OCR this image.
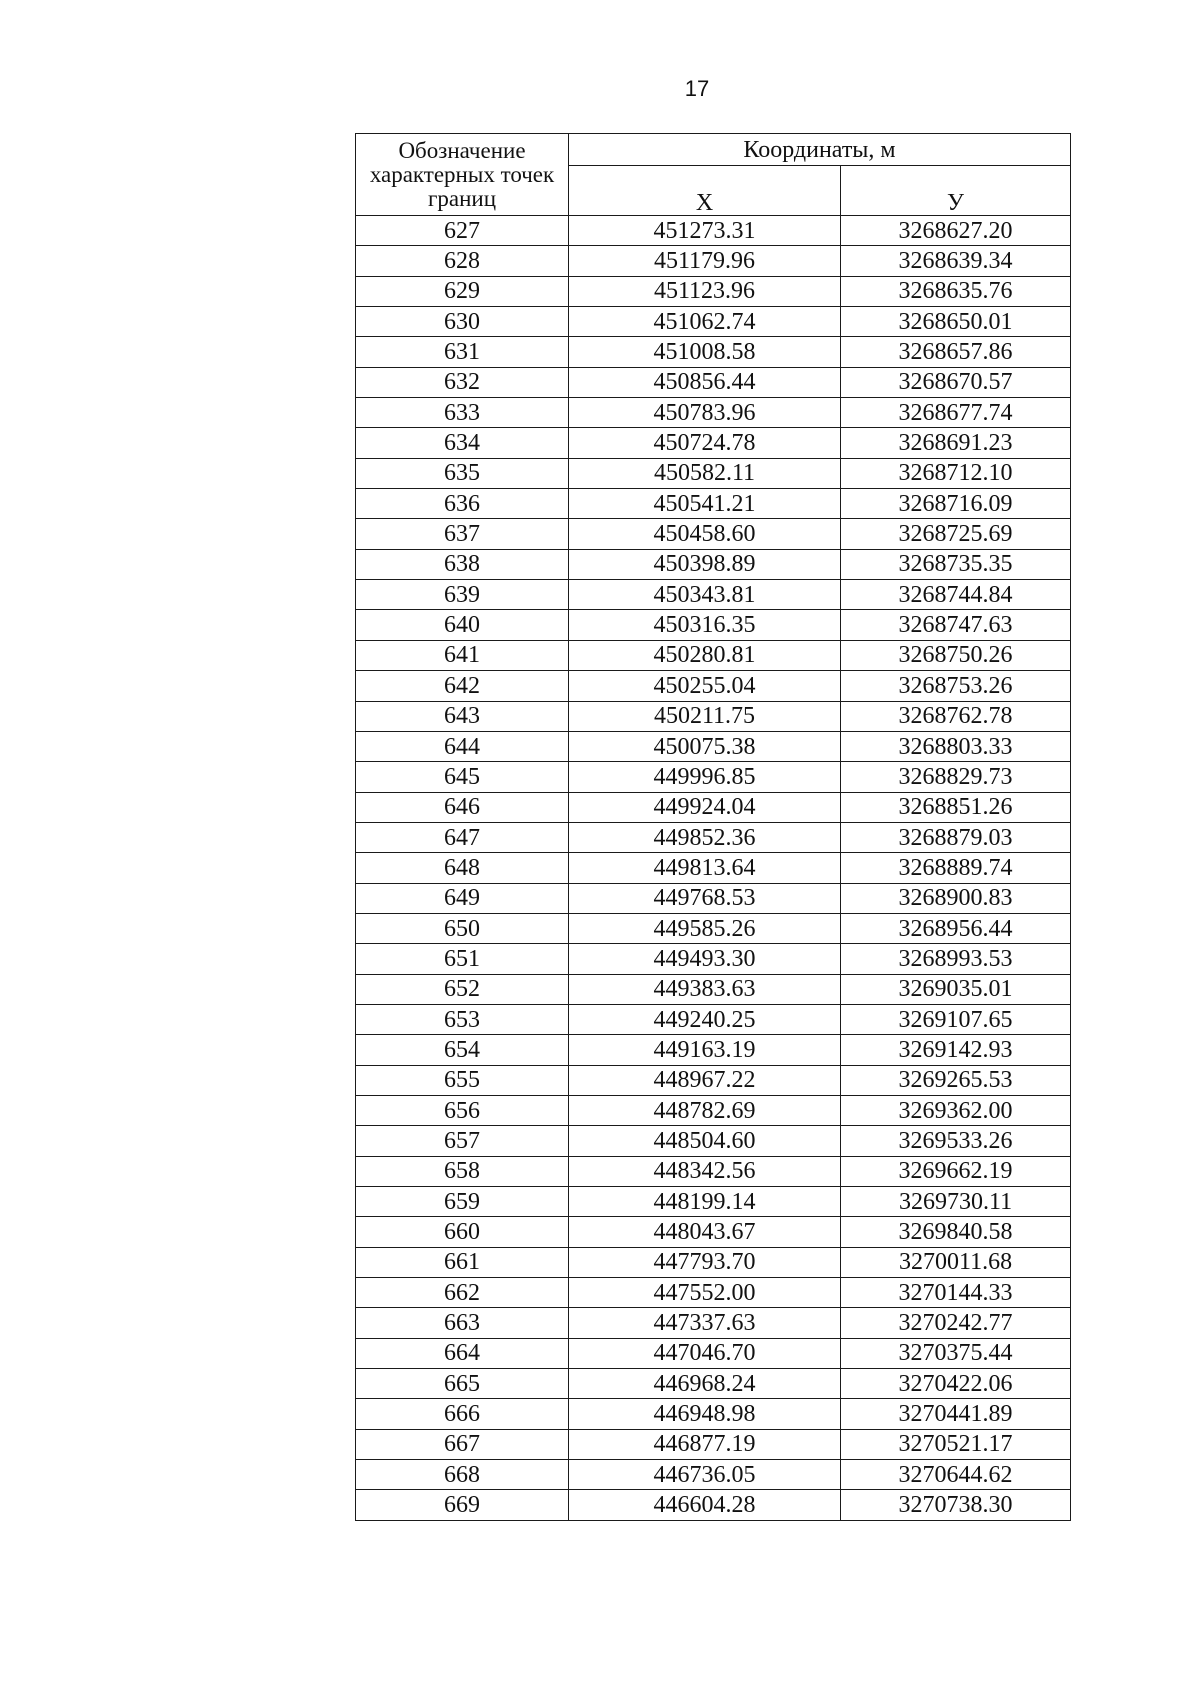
17
Обозначение характерных точек границ	Координаты, м	
	X	У
627	451273.31	3268627.20
628	451179.96	3268639.34
629	451123.96	3268635.76
630	451062.74	3268650.01
631	451008.58	3268657.86
632	450856.44	3268670.57
633	450783.96	3268677.74
634	450724.78	3268691.23
635	450582.11	3268712.10
636	450541.21	3268716.09
637	450458.60	3268725.69
638	450398.89	3268735.35
639	450343.81	3268744.84
640	450316.35	3268747.63
641	450280.81	3268750.26
642	450255.04	3268753.26
643	450211.75	3268762.78
644	450075.38	3268803.33
645	449996.85	3268829.73
646	449924.04	3268851.26
647	449852.36	3268879.03
648	449813.64	3268889.74
649	449768.53	3268900.83
650	449585.26	3268956.44
651	449493.30	3268993.53
652	449383.63	3269035.01
653	449240.25	3269107.65
654	449163.19	3269142.93
655	448967.22	3269265.53
656	448782.69	3269362.00
657	448504.60	3269533.26
658	448342.56	3269662.19
659	448199.14	3269730.11
660	448043.67	3269840.58
661	447793.70	3270011.68
662	447552.00	3270144.33
663	447337.63	3270242.77
664	447046.70	3270375.44
665	446968.24	3270422.06
666	446948.98	3270441.89
667	446877.19	3270521.17
668	446736.05	3270644.62
669	446604.28	3270738.30
